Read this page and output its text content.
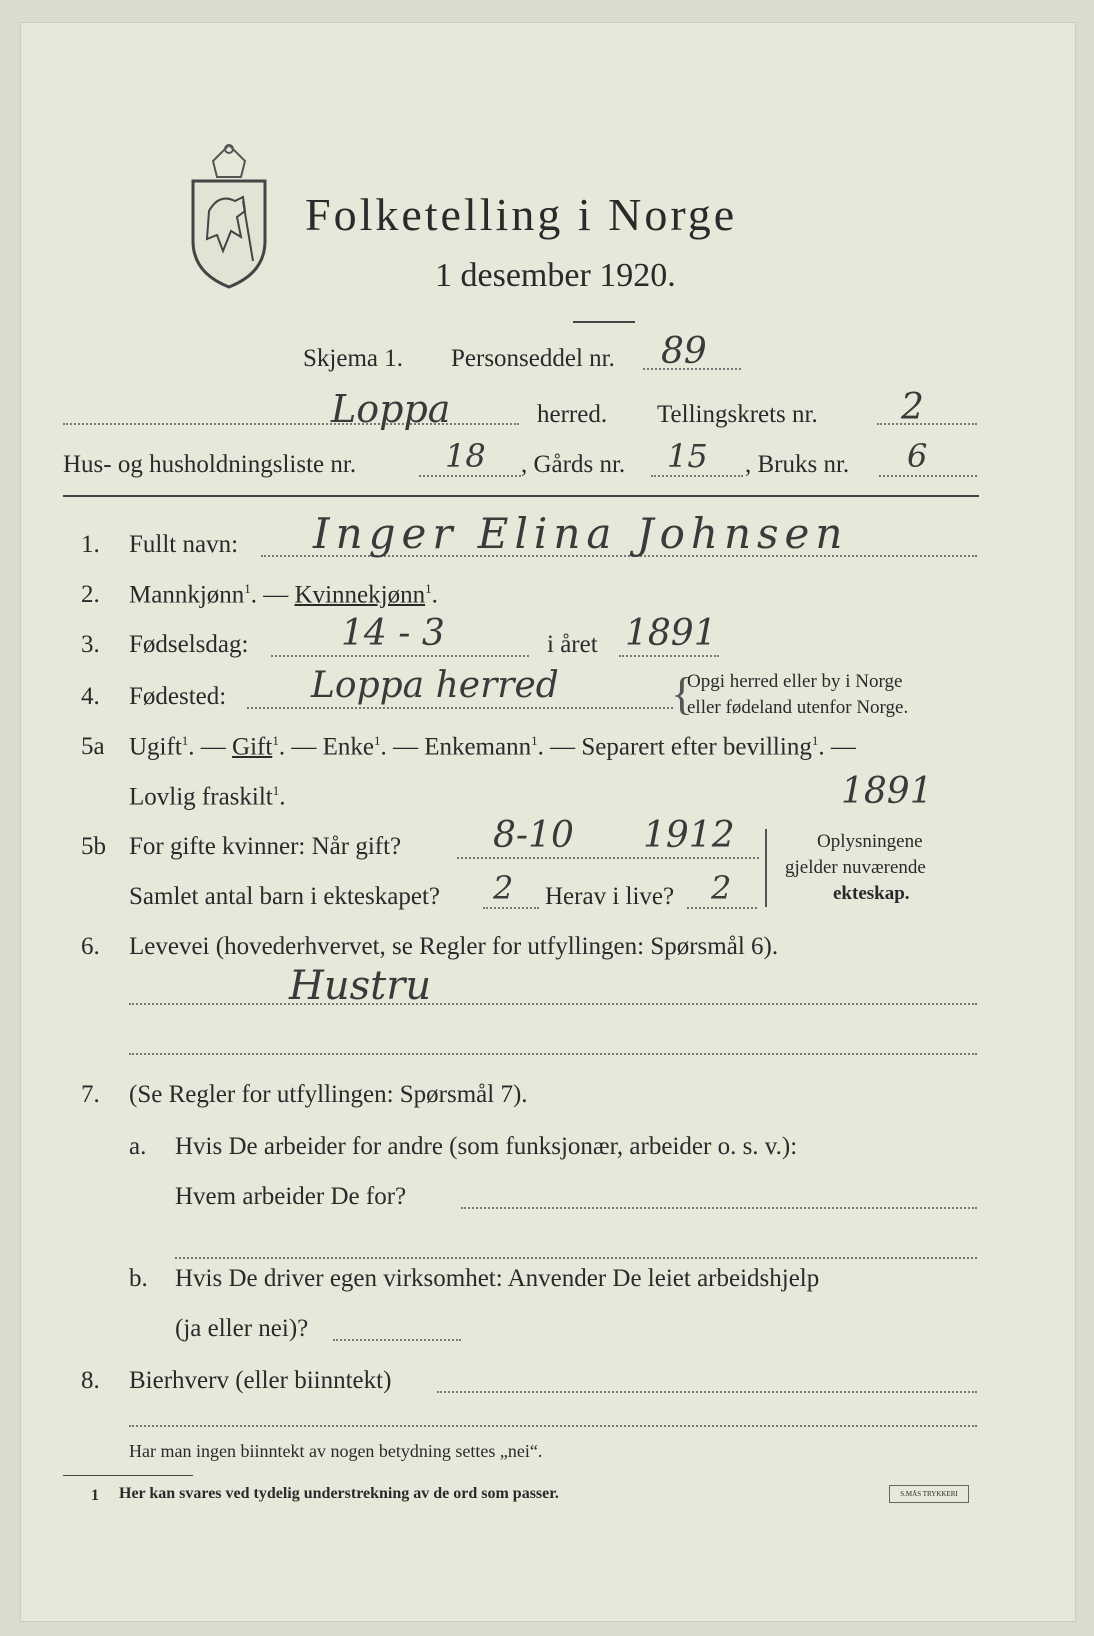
Folketelling i Norge
1 desember 1920.
Skjema 1. Personseddel nr. 89
Loppa	herred. Tellingskrets nr. 2
Hus- og husholdningsliste nr.	18 , Gårds nr. 15 , Bruks nr. 6
1. Fullt navn: Inger Elina Johnsen
2. Mannkjønn$^1$. — Kvinnekjønn$^1$.
3. Fødselsdag:	14 - 3	i året 1891
4. Fødested: Loppa herred {
Opgi herred eller by i Norge
eller fødeland utenfor Norge.
5a Ugift$^1$. — Gift$^1$. — Enke$^1$. — Enkemann$^1$. — Separert efter bevilling$^1$. —
Lovlig fraskilt$^1$.	1891
5b For gifte kvinner: Når gift?	8-10 1912
Samlet antal barn i ekteskapet? 2 Herav i live? 2
Oplysningene
gjelder nuværende
ekteskap.
6. Levevei (hovederhvervet, se Regler for utfyllingen: Spørsmål 6).
Hustru
7. (Se Regler for utfyllingen: Spørsmål 7).
a. Hvis De arbeider for andre (som funksjonær, arbeider o. s. v.):
Hvem arbeider De for?
b. Hvis De driver egen virksomhet: Anvender De leiet arbeidshjelp
(ja eller nei)?
8. Bierhverv (eller biinntekt)
Har man ingen biinntekt av nogen betydning settes „nei“.
1 Her kan svares ved tydelig understrekning av de ord som passer.	S.MÅS TRYKKERI
